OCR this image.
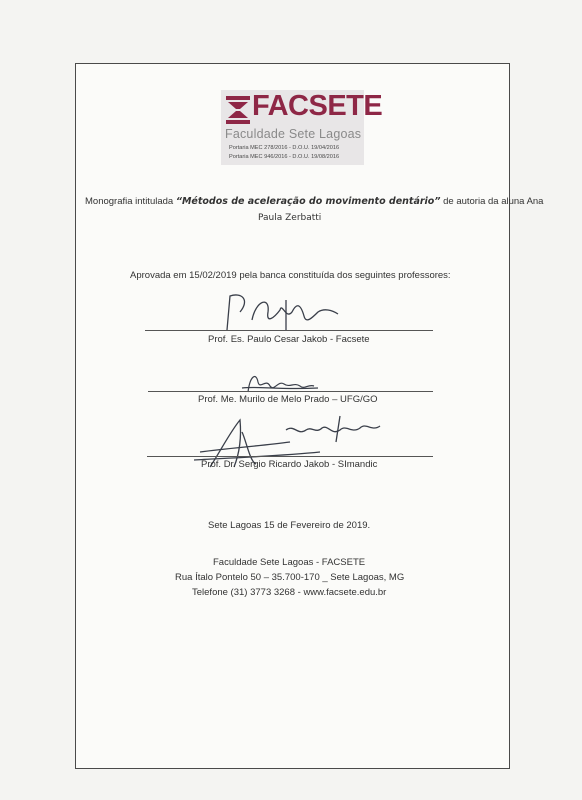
FACSETE
Faculdade Sete Lagoas
Portaria MEC 278/2016 - D.O.U. 19/04/2016
Portaria MEC 946/2016 - D.O.U. 19/08/2016
Monografia intitulada “Métodos de aceleração do movimento dentário” de autoria da aluna Ana
Paula Zerbatti
Aprovada em 15/02/2019 pela banca constituída dos seguintes professores:
Prof. Es. Paulo Cesar Jakob - Facsete
Prof. Me. Murilo de Melo Prado – UFG/GO
Prof. Dr. Sergio Ricardo Jakob - SImandic
Sete Lagoas 15 de Fevereiro de 2019.
Faculdade Sete Lagoas - FACSETE
Rua Ítalo Pontelo 50 – 35.700-170 _ Sete Lagoas, MG
Telefone (31) 3773 3268 - www.facsete.edu.br
